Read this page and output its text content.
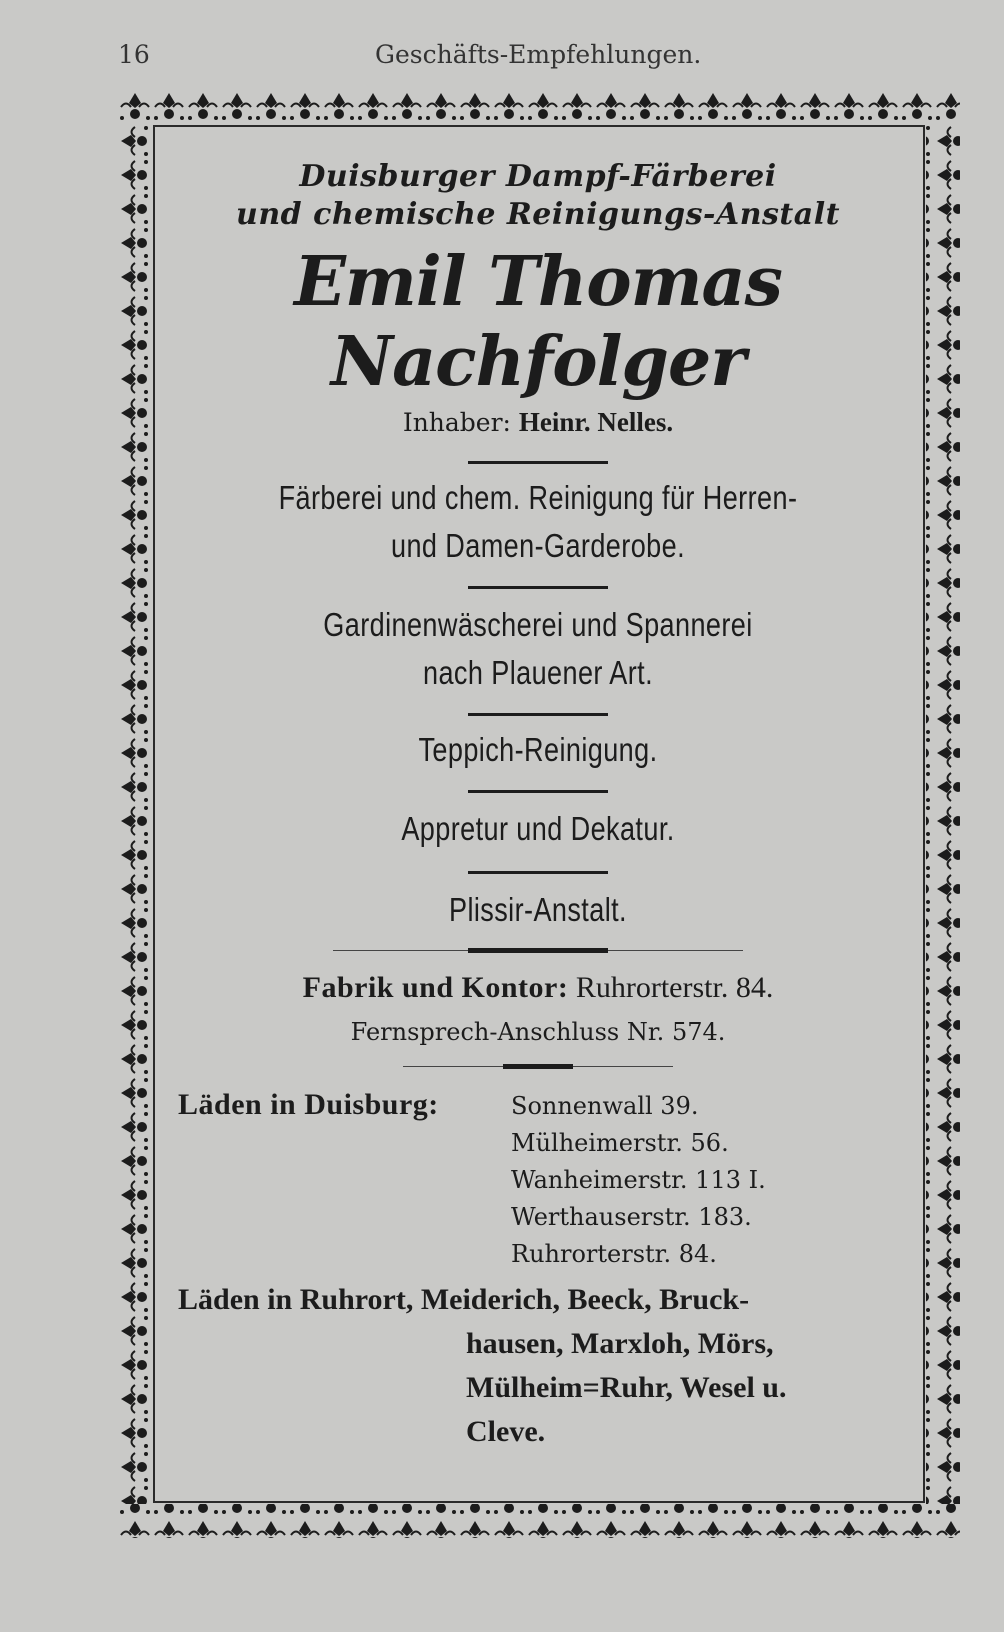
16	Geschäfts-Empfehlungen.
Duisburger Dampf-Färberei
und chemische Reinigungs-Anstalt
Emil Thomas Nachfolger
Inhaber: Heinr. Nelles.
Färberei und chem. Reinigung für Herren-
und Damen-Garderobe.
Gardinenwäscherei und Spannerei
nach Plauener Art.
Teppich-Reinigung.
Appretur und Dekatur.
Plissir-Anstalt.
Fabrik und Kontor: Ruhrorterstr. 84.
Fernsprech-Anschluss Nr. 574.
Läden in Duisburg:	Sonnenwall 39.
Mülheimerstr. 56.
Wanheimerstr. 113 I.
Werthauserstr. 183.
Ruhrorterstr. 84.
Läden in Ruhrort, Meiderich, Beeck, Bruck-
hausen, Marxloh, Mörs,
Mülheim=Ruhr, Wesel u.
Cleve.
